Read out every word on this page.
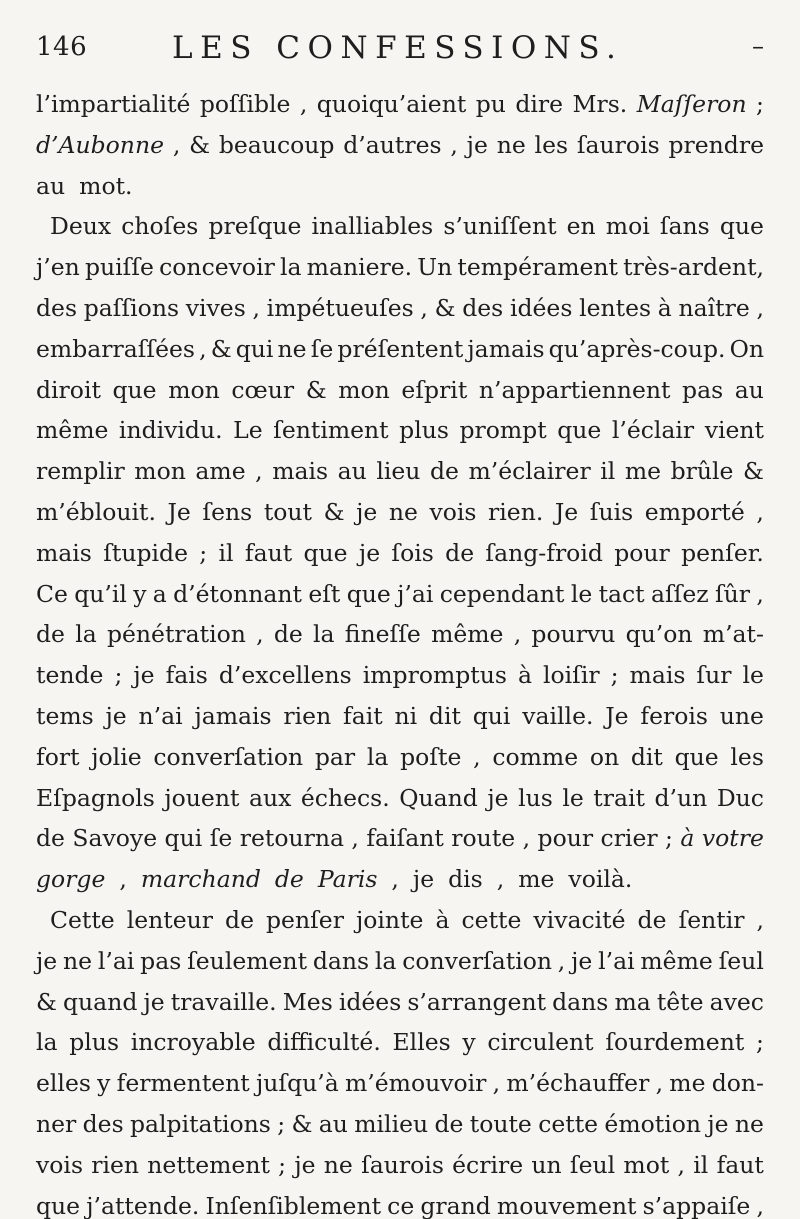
146	LES CONFESSIONS.	–
l’impartialité poſſible , quoiqu’aient pu dire Mrs. Maſſeron ;
d’Aubonne , & beaucoup d’autres , je ne les ſaurois prendre
au mot.
Deux choſes preſque inalliables s’uniſſent en moi ſans que
j’en puiſſe concevoir la maniere. Un tempérament très-ardent,
des paſſions vives , impétueuſes , & des idées lentes à naître ,
embarraſſées , & qui ne ſe préſentent jamais qu’après-coup. On
diroit que mon cœur & mon eſprit n’appartiennent pas au
même individu. Le ſentiment plus prompt que l’éclair vient
remplir mon ame , mais au lieu de m’éclairer il me brûle &
m’éblouit. Je ſens tout & je ne vois rien. Je ſuis emporté ,
mais ſtupide ; il faut que je ſois de ſang-froid pour penſer.
Ce qu’il y a d’étonnant eſt que j’ai cependant le tact aſſez ſûr ,
de la pénétration , de la fineſſe même , pourvu qu’on m’at-
tende ; je fais d’excellens impromptus à loiſir ; mais ſur le
tems je n’ai jamais rien fait ni dit qui vaille. Je ferois une
fort jolie converſation par la poſte , comme on dit que les
Eſpagnols jouent aux échecs. Quand je lus le trait d’un Duc
de Savoye qui ſe retourna , faiſant route , pour crier ; à votre
gorge , marchand de Paris , je dis , me voilà.
Cette lenteur de penſer jointe à cette vivacité de ſentir ,
je ne l’ai pas ſeulement dans la converſation , je l’ai même ſeul
& quand je travaille. Mes idées s’arrangent dans ma tête avec
la plus incroyable difficulté. Elles y circulent ſourdement ;
elles y fermentent juſqu’à m’émouvoir , m’échauffer , me don-
ner des palpitations ; & au milieu de toute cette émotion je ne
vois rien nettement ; je ne ſaurois écrire un ſeul mot , il faut
que j’attende. Inſenſiblement ce grand mouvement s’appaiſe ,
